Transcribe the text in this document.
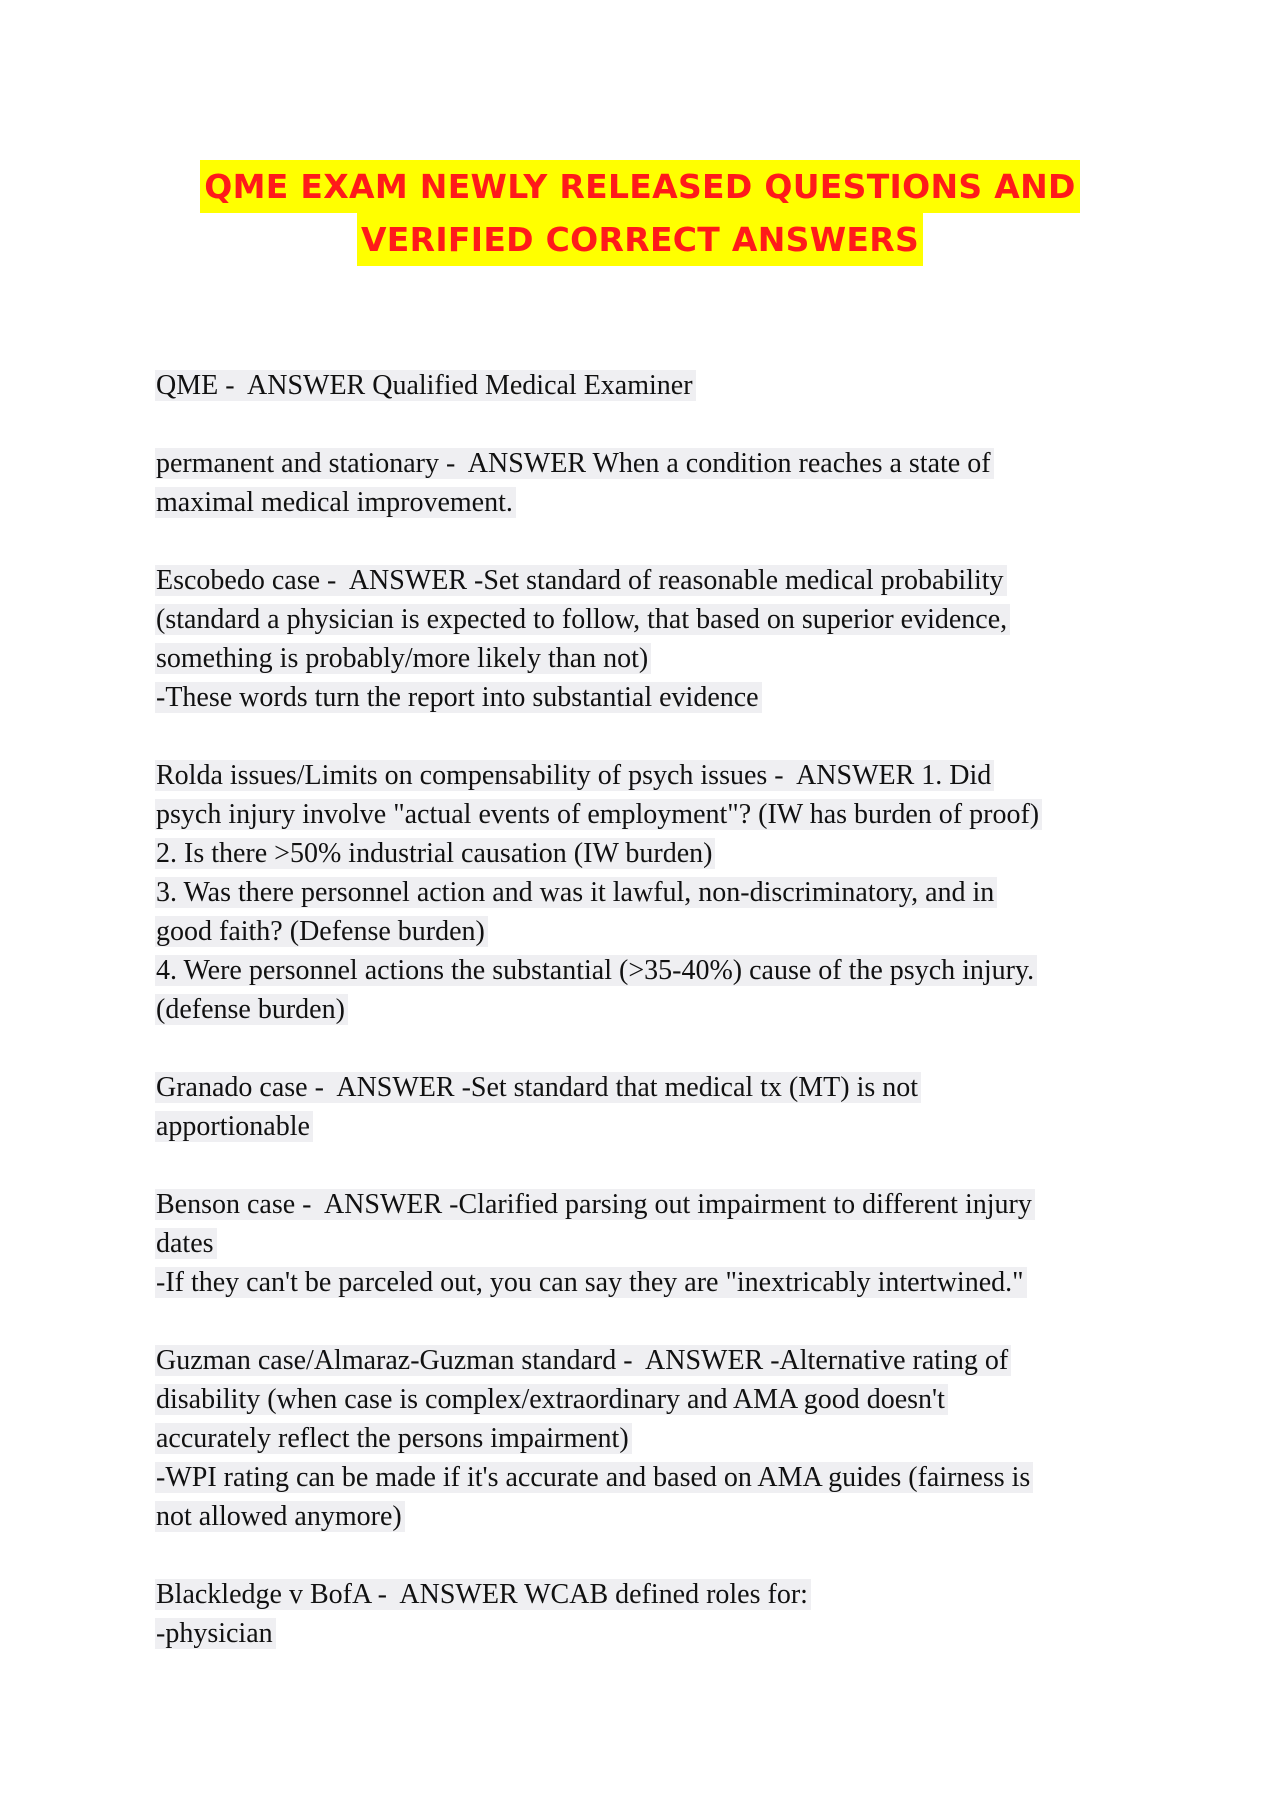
QME EXAM NEWLY RELEASED QUESTIONS AND
VERIFIED CORRECT ANSWERS
QME -  ANSWER Qualified Medical Examiner
permanent and stationary -  ANSWER When a condition reaches a state of
maximal medical improvement.
Escobedo case -  ANSWER -Set standard of reasonable medical probability
(standard a physician is expected to follow, that based on superior evidence,
something is probably/more likely than not)
-These words turn the report into substantial evidence
Rolda issues/Limits on compensability of psych issues -  ANSWER 1. Did
psych injury involve "actual events of employment"? (IW has burden of proof)
2. Is there >50% industrial causation (IW burden)
3. Was there personnel action and was it lawful, non-discriminatory, and in
good faith? (Defense burden)
4. Were personnel actions the substantial (>35-40%) cause of the psych injury.
(defense burden)
Granado case -  ANSWER -Set standard that medical tx (MT) is not
apportionable
Benson case -  ANSWER -Clarified parsing out impairment to different injury
dates
-If they can't be parceled out, you can say they are "inextricably intertwined."
Guzman case/Almaraz-Guzman standard -  ANSWER -Alternative rating of
disability (when case is complex/extraordinary and AMA good doesn't
accurately reflect the persons impairment)
-WPI rating can be made if it's accurate and based on AMA guides (fairness is
not allowed anymore)
Blackledge v BofA -  ANSWER WCAB defined roles for:
-physician
